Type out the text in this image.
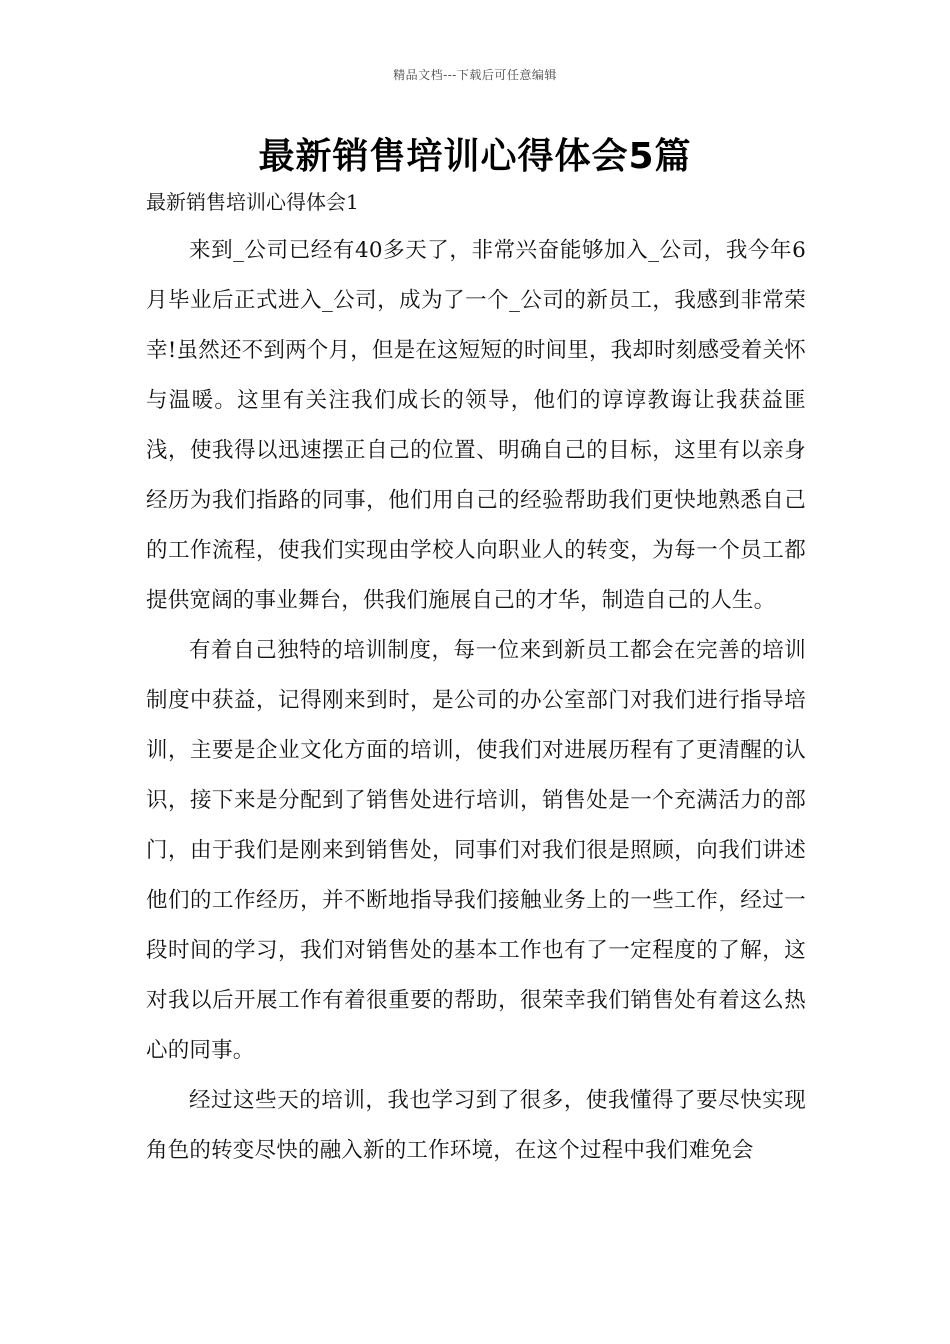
精品文档---下载后可任意编辑
最新销售培训心得体会5篇
最新销售培训心得体会1

来到_公司已经有40多天了，非常兴奋能够加入_公司，我今年6月毕业后正式进入_公司，成为了一个_公司的新员工，我感到非常荣幸!虽然还不到两个月，但是在这短短的时间里，我却时刻感受着关怀与温暖。这里有关注我们成长的领导，他们的谆谆教诲让我获益匪浅，使我得以迅速摆正自己的位置、明确自己的目标，这里有以亲身经历为我们指路的同事，他们用自己的经验帮助我们更快地熟悉自己的工作流程，使我们实现由学校人向职业人的转变，为每一个员工都提供宽阔的事业舞台，供我们施展自己的才华，制造自己的人生。

有着自己独特的培训制度，每一位来到新员工都会在完善的培训制度中获益，记得刚来到时，是公司的办公室部门对我们进行指导培训，主要是企业文化方面的培训，使我们对进展历程有了更清醒的认识，接下来是分配到了销售处进行培训，销售处是一个充满活力的部门，由于我们是刚来到销售处，同事们对我们很是照顾，向我们讲述他们的工作经历，并不断地指导我们接触业务上的一些工作，经过一段时间的学习，我们对销售处的基本工作也有了一定程度的了解，这对我以后开展工作有着很重要的帮助，很荣幸我们销售处有着这么热心的同事。

经过这些天的培训，我也学习到了很多，使我懂得了要尽快实现角色的转变尽快的融入新的工作环境，在这个过程中我们难免会
